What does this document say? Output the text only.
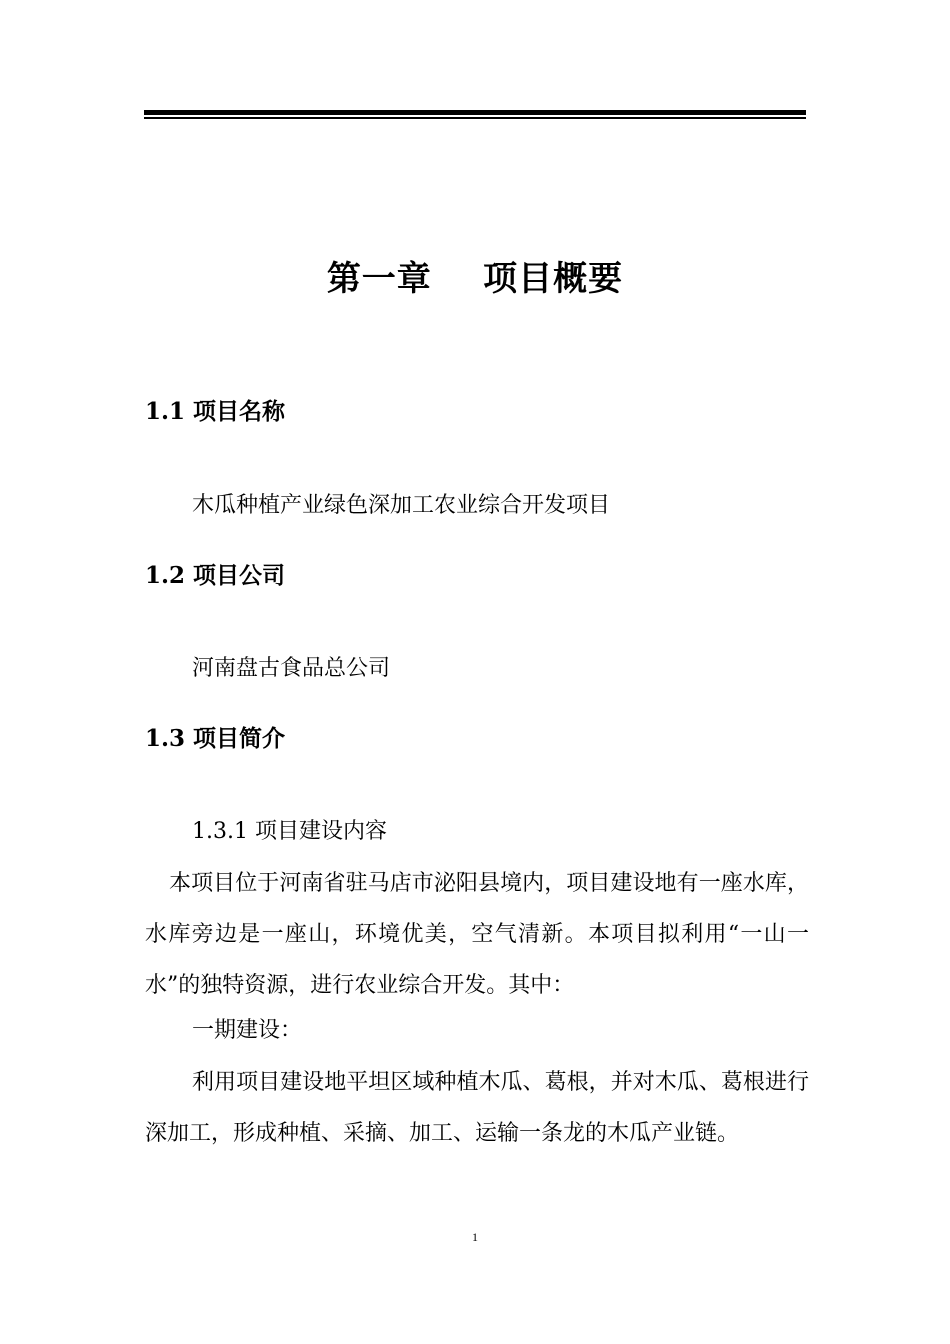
第一章    项目概要
1.1 项目名称
木瓜种植产业绿色深加工农业综合开发项目
1.2 项目公司
河南盘古食品总公司
1.3 项目简介
1.3.1 项目建设内容

本项目位于河南省驻马店市泌阳县境内，项目建设地有一座水库，水库旁边是一座山，环境优美，空气清新。本项目拟利用“一山一水”的独特资源，进行农业综合开发。其中：

一期建设：

利用项目建设地平坦区域种植木瓜、葛根，并对木瓜、葛根进行深加工，形成种植、采摘、加工、运输一条龙的木瓜产业链。

1
